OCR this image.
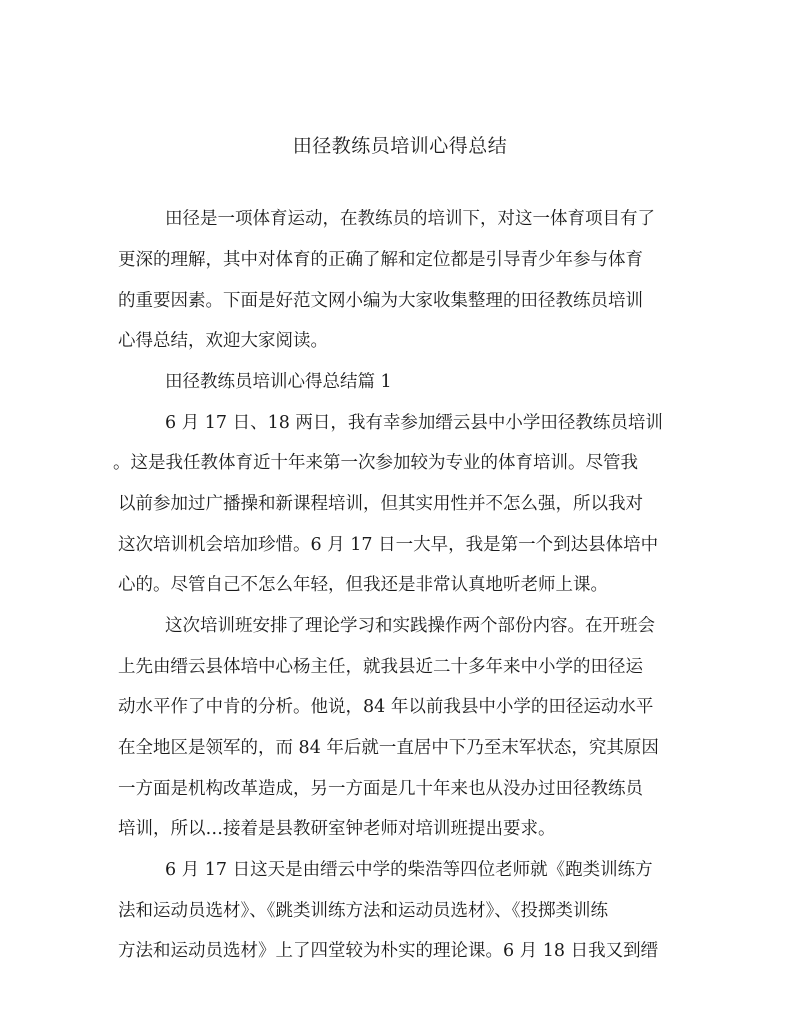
田径教练员培训心得总结
田径是一项体育运动，在教练员的培训下，对这一体育项目有了
更深的理解，其中对体育的正确了解和定位都是引导青少年参与体育
的重要因素。下面是好范文网小编为大家收集整理的田径教练员培训
心得总结，欢迎大家阅读。
田径教练员培训心得总结篇 1
6 月 17 日、18 两日，我有幸参加缙云县中小学田径教练员培训
。这是我任教体育近十年来第一次参加较为专业的体育培训。尽管我
以前参加过广播操和新课程培训，但其实用性并不怎么强，所以我对
这次培训机会培加珍惜。6 月 17 日一大早，我是第一个到达县体培中
心的。尽管自己不怎么年轻，但我还是非常认真地听老师上课。
这次培训班安排了理论学习和实践操作两个部份内容。在开班会
上先由缙云县体培中心杨主任，就我县近二十多年来中小学的田径运
动水平作了中肯的分析。他说，84 年以前我县中小学的田径运动水平
在全地区是领军的，而 84 年后就一直居中下乃至末军状态，究其原因
一方面是机构改革造成，另一方面是几十年来也从没办过田径教练员
培训，所以…接着是县教研室钟老师对培训班提出要求。
6 月 17 日这天是由缙云中学的柴浩等四位老师就《跑类训练方
法和运动员选材》、《跳类训练方法和运动员选材》、《投掷类训练
方法和运动员选材》上了四堂较为朴实的理论课。6 月 18 日我又到缙
